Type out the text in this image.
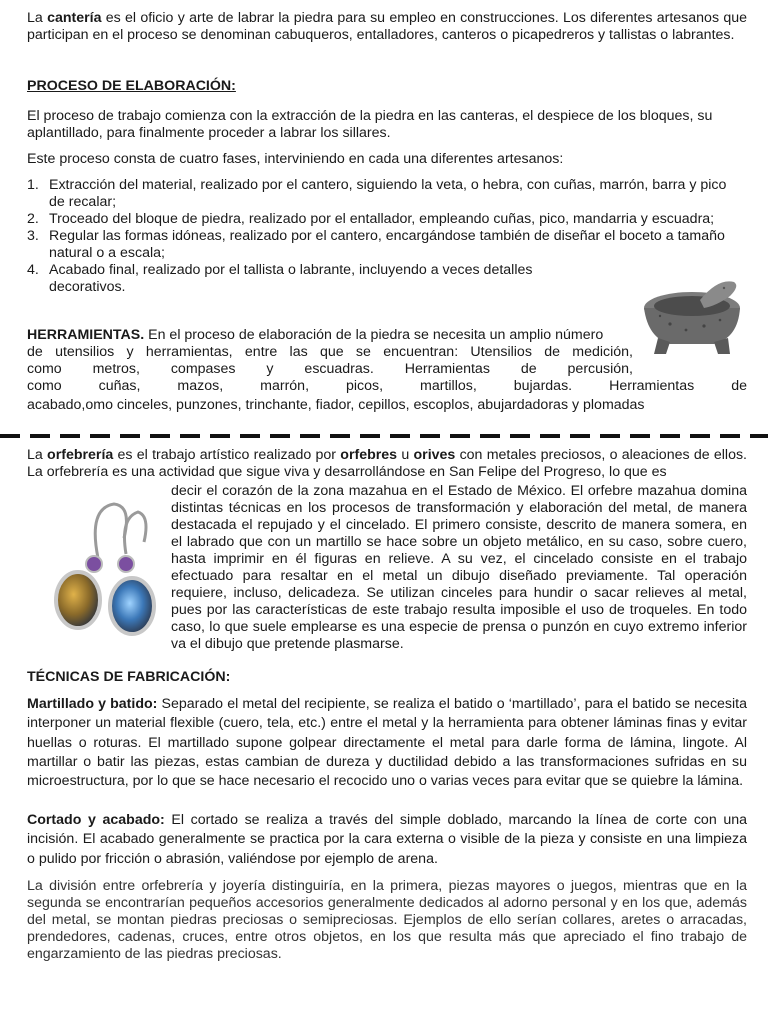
La cantería es el oficio y arte de labrar la piedra para su empleo en construcciones. Los diferentes artesanos que participan en el proceso se denominan cabuqueros, entalladores, canteros o picapedreros y tallistas o labrantes.

PROCESO DE ELABORACIÓN:

El proceso de trabajo comienza con la extracción de la piedra en las canteras, el despiece de los bloques, su aplantillado, para finalmente proceder a labrar los sillares.

Este proceso consta de cuatro fases, interviniendo en cada una diferentes artesanos:

1. Extracción del material, realizado por el cantero, siguiendo la veta, o hebra, con cuñas, marrón, barra y pico de recalar;
2. Troceado del bloque de piedra, realizado por el entallador, empleando cuñas, pico, mandarria y escuadra;
3. Regular las formas idóneas, realizado por el cantero, encargándose también de diseñar el boceto a tamaño natural o a escala;
4. Acabado final, realizado por el tallista o labrante, incluyendo a veces detalles decorativos.

HERRAMIENTAS. En el proceso de elaboración de la piedra se necesita un amplio número

de utensilios y herramientas, entre las que se encuentran: Utensilios de medición,

como metros, compases y escuadras. Herramientas de percusión,

como cuñas, mazos, marrón, picos, martillos, bujardas. Herramientas de

acabado,omo cinceles, punzones, trinchante, fiador, cepillos, escoplos, abujardadoras y plomadas

La orfebrería es el trabajo artístico realizado por orfebres u orives con metales preciosos, o aleaciones de ellos. La orfebrería es una actividad que sigue viva y desarrollándose en San Felipe del Progreso, lo que es

decir el corazón de la zona mazahua en el Estado de México. El orfebre mazahua domina distintas técnicas en los procesos de transformación y elaboración del metal, de manera destacada el repujado y el cincelado. El primero consiste, descrito de manera somera, en el labrado que con un martillo se hace sobre un objeto metálico, en su caso, sobre cuero, hasta imprimir en él figuras en relieve. A su vez, el cincelado consiste en el trabajo efectuado para resaltar en el metal un dibujo diseñado previamente. Tal operación requiere, incluso, delicadeza. Se utilizan cinceles para hundir o sacar relieves al metal, pues por las características de este trabajo resulta imposible el uso de troqueles. En todo caso, lo que suele emplearse es una especie de prensa o punzón en cuyo extremo inferior va el dibujo que pretende plasmarse.

TÉCNICAS DE FABRICACIÓN:

Martillado y batido: Separado el metal del recipiente, se realiza el batido o ‘martillado’, para el batido se necesita interponer un material flexible (cuero, tela, etc.) entre el metal y la herramienta para obtener láminas finas y evitar huellas o roturas. El martillado supone golpear directamente el metal para darle forma de lámina, lingote. Al martillar o batir las piezas, estas cambian de dureza y ductilidad debido a las transformaciones sufridas en su microestructura, por lo que se hace necesario el recocido uno o varias veces para evitar que se quiebre la lámina.

Cortado y acabado: El cortado se realiza a través del simple doblado, marcando la línea de corte con una incisión. El acabado generalmente se practica por la cara externa o visible de la pieza y consiste en una limpieza o pulido por fricción o abrasión, valiéndose por ejemplo de arena.

La división entre orfebrería y joyería distinguiría, en la primera, piezas mayores o juegos, mientras que en la segunda se encontrarían pequeños accesorios generalmente dedicados al adorno personal y en los que, además del metal, se montan piedras preciosas o semipreciosas. Ejemplos de ello serían collares, aretes o arracadas, prendedores, cadenas, cruces, entre otros objetos, en los que resulta más que apreciado el fino trabajo de engarzamiento de las piedras preciosas.
